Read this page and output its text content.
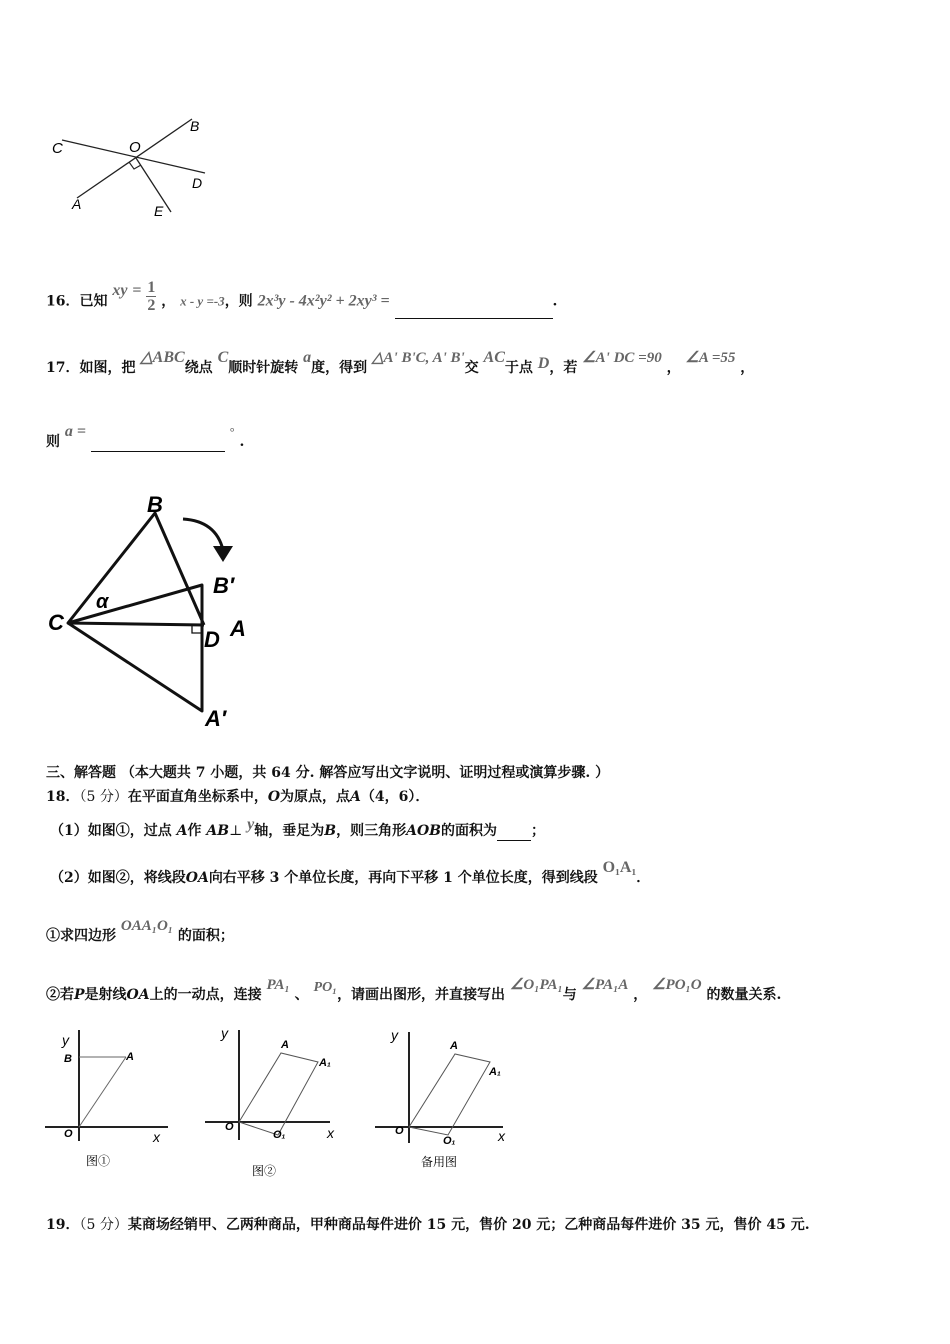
C	O
B
D
A	E
16．已知 xy = $\frac{1}{2}$ ， x - y =-3，则 2x³y - 4x²y² + 2xy³ =	.
17．如图，把 △ABC绕点 C顺时针旋转 a度，得到 △A' B'C, A' B'交 AC于点 D，若 ∠A' DC =90 ， ∠A =55 ，
则 a =	° .
B
B′
α
C
D A
A′
三、解答题 （本大题共 7 小题，共 64 分. 解答应写出文字说明、证明过程或演算步骤. ）
18．（5 分）在平面直角坐标系中，O为原点，点A（4，6）．
（1）如图①，过点 A作 AB⊥ y轴，垂足为B，则三角形AOB的面积为 ；
（2）如图②，将线段OA向右平移 3 个单位长度，再向下平移 1 个单位长度，得到线段 O₁A₁．
①求四边形 OAA₁O₁ 的面积；
②若P是射线OA上的一动点，连接 PA₁ 、 PO₁，请画出图形，并直接写出 ∠O₁PA₁与 ∠PA₁A ， ∠PO₁O 的数量关系.
y
B	A
O	x
图①
y
A
A₁
O
O₁	x
图②
y
A
A₁
O
O₁	x
备用图
19．（5 分）某商场经销甲、乙两种商品，甲种商品每件进价 15 元，售价 20 元；乙种商品每件进价 35 元，售价 45 元.
